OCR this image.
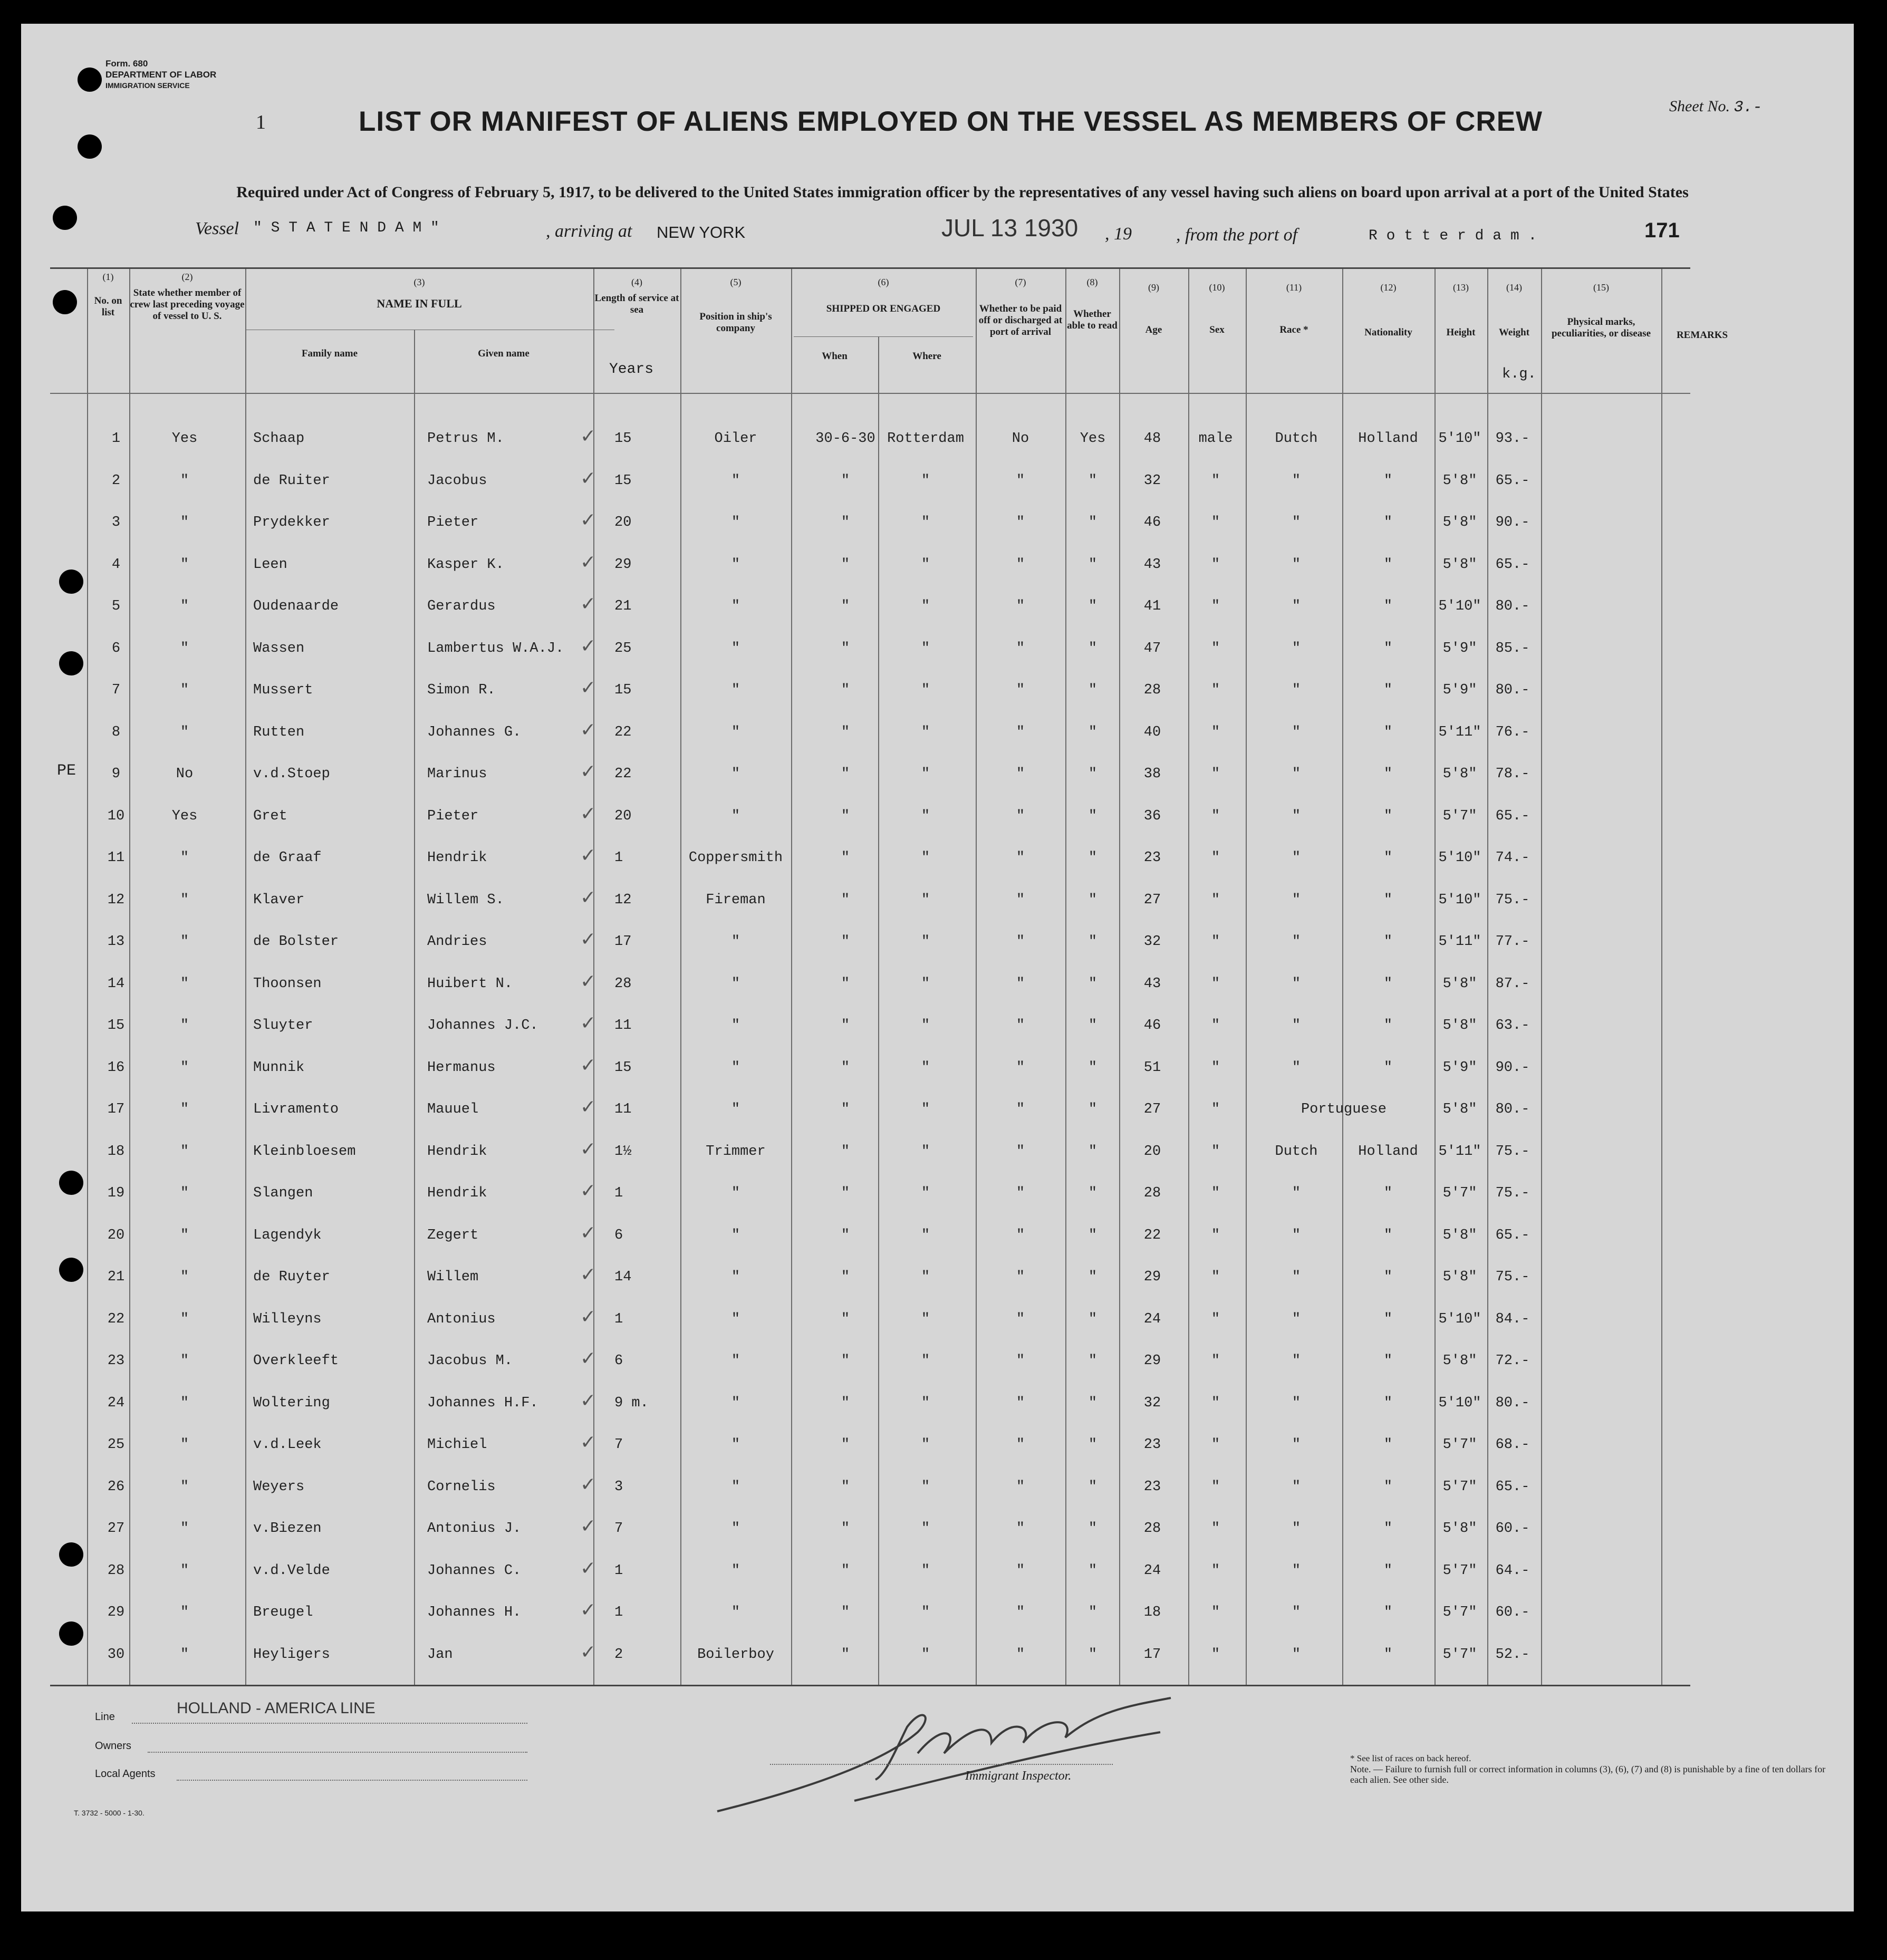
Form. 680
DEPARTMENT OF LABOR
IMMIGRATION SERVICE
1	LIST OR MANIFEST OF ALIENS EMPLOYED ON THE VESSEL AS MEMBERS OF CREW	Sheet No. 3.-
Required under Act of Congress of February 5, 1917, to be delivered to the United States immigration officer by the representatives of any vessel having such aliens on board upon arrival at a port of the United States
Vessel " S T A T E N D A M "	, arriving at NEW YORK	JUL 13 1930 , 19 , from the port of	R o t t e r d a m .	171
(1)	(2)	(3)	(4)	(5)	(6)	(7)	(8)	(9)	(10)	(11)	(12)	(13)	(14)	(15)
No. on list
State whether member of crew last preceding voyage of vessel to U. S.
NAME IN FULL
Family name	Given name
Length of service at sea
Years
Position in ship's company
SHIPPED OR ENGAGED
When	Where
Whether to be paid off or discharged at port of arrival
Whether able to read	Age	Sex	Race *	Nationality	Height	Weight
k.g.
Physical marks, peculiarities, or disease	REMARKS
PE
1	Yes	Schaap	Petrus M.	15	Oiler	30-6-30 Rotterdam	No	Yes	48	male	Dutch	Holland 5'10" 93.-
✓
2	"	de Ruiter	Jacobus	15	"	"	"	"	"	32	"	"	"	5'8" 65.-
✓
3	"	Prydekker	Pieter	20	"	"	"	"	"	46	"	"	"	5'8" 90.-
✓
4	"	Leen	Kasper K.	29	"	"	"	"	"	43	"	"	"	5'8" 65.-
✓
5	"	Oudenaarde	Gerardus	21	"	"	"	"	"	41	"	"	"	5'10" 80.-
✓
6	"	Wassen	Lambertus W.A.J.	25	"	"	"	"	"	47	"	"	"	5'9" 85.-
✓
7	"	Mussert	Simon R.	15	"	"	"	"	"	28	"	"	"	5'9" 80.-
✓
8	"	Rutten	Johannes G.	22	"	"	"	"	"	40	"	"	"	5'11" 76.-
✓
9	No	v.d.Stoep	Marinus	22	"	"	"	"	"	38	"	"	"	5'8" 78.-
✓
10	Yes	Gret	Pieter	20	"	"	"	"	"	36	"	"	"	5'7" 65.-
✓
11	"	de Graaf	Hendrik	1	Coppersmith	"	"	"	"	23	"	"	"	5'10" 74.-
✓
12	"	Klaver	Willem S.	12	Fireman	"	"	"	"	27	"	"	"	5'10" 75.-
✓
13	"	de Bolster	Andries	17	"	"	"	"	"	32	"	"	"	5'11" 77.-
✓
14	"	Thoonsen	Huibert N.	28	"	"	"	"	"	43	"	"	"	5'8" 87.-
✓
15	"	Sluyter	Johannes J.C.	11	"	"	"	"	"	46	"	"	"	5'8" 63.-
✓
16	"	Munnik	Hermanus	15	"	"	"	"	"	51	"	"	"	5'9" 90.-
✓
17	"	Livramento	Mauuel	11	"	"	"	"	"	27	"	Portuguese	5'8" 80.-
✓
18	"	Kleinbloesem	Hendrik	1½	Trimmer	"	"	"	"	20	"	Dutch	Holland 5'11" 75.-
✓
19	"	Slangen	Hendrik	1	"	"	"	"	"	28	"	"	"	5'7" 75.-
✓
20	"	Lagendyk	Zegert	6	"	"	"	"	"	22	"	"	"	5'8" 65.-
✓
21	"	de Ruyter	Willem	14	"	"	"	"	"	29	"	"	"	5'8" 75.-
✓
22	"	Willeyns	Antonius	1	"	"	"	"	"	24	"	"	"	5'10" 84.-
✓
23	"	Overkleeft	Jacobus M.	6	"	"	"	"	"	29	"	"	"	5'8" 72.-
✓
24	"	Woltering	Johannes H.F.	9 m.	"	"	"	"	"	32	"	"	"	5'10" 80.-
✓
25	"	v.d.Leek	Michiel	7	"	"	"	"	"	23	"	"	"	5'7" 68.-
✓
26	"	Weyers	Cornelis	3	"	"	"	"	"	23	"	"	"	5'7" 65.-
✓
27	"	v.Biezen	Antonius J.	7	"	"	"	"	"	28	"	"	"	5'8" 60.-
✓
28	"	v.d.Velde	Johannes C.	1	"	"	"	"	"	24	"	"	"	5'7" 64.-
✓
29	"	Breugel	Johannes H.	1	"	"	"	"	"	18	"	"	"	5'7" 60.-
✓
30	"	Heyligers	Jan	2	Boilerboy	"	"	"	"	17	"	"	"	5'7" 52.-
✓
Line	HOLLAND - AMERICA LINE
Owners
Local Agents	Immigrant Inspector.
* See list of races on back hereof.
Note. — Failure to furnish full or correct information in columns (3), (6), (7) and (8) is punishable by a fine of ten dollars for each alien. See other side.
T. 3732 - 5000 - 1-30.
